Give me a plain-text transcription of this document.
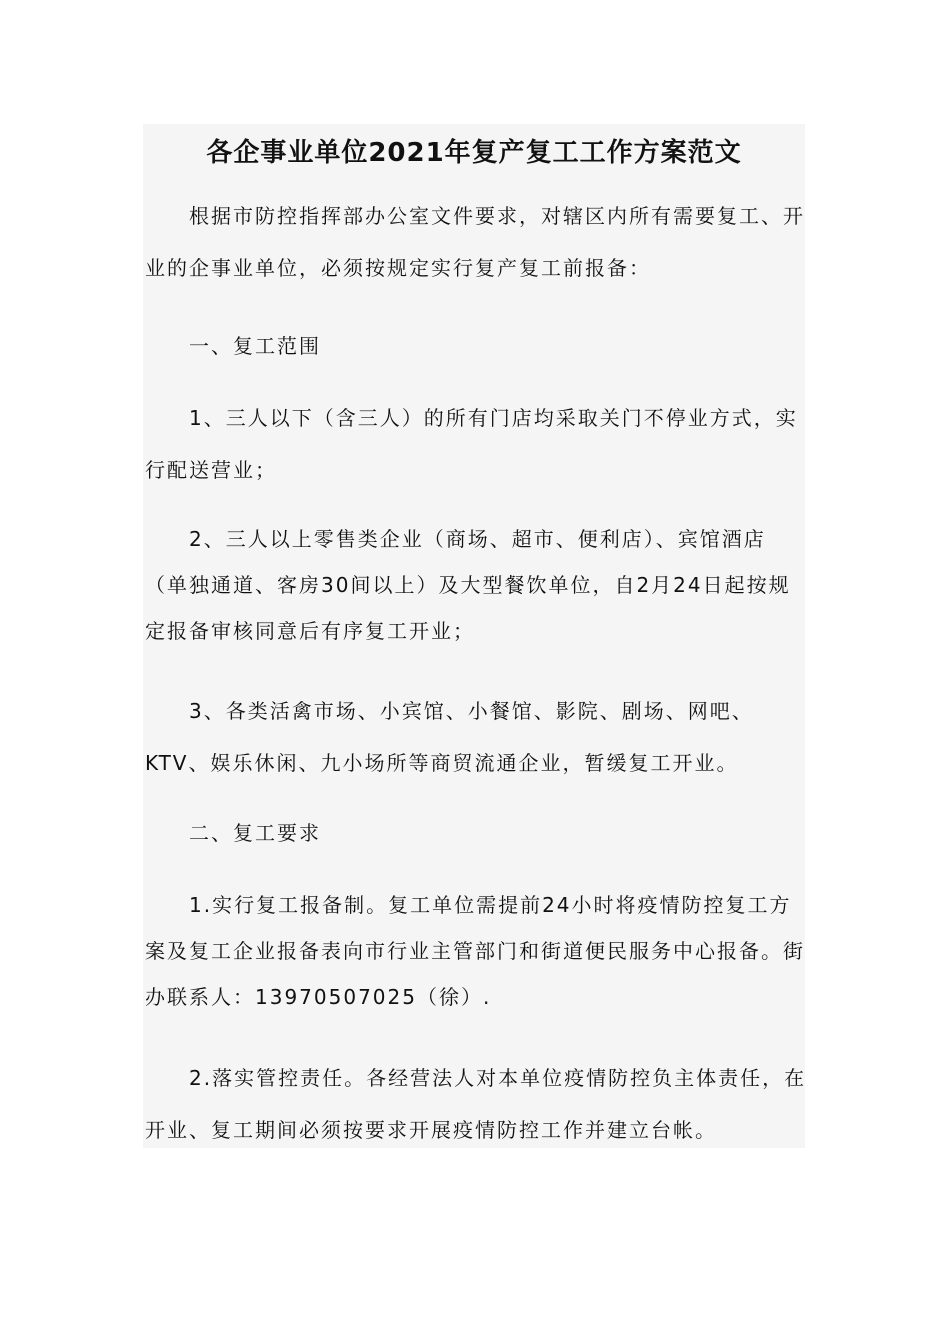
各企事业单位2021年复产复工工作方案范文

根据市防控指挥部办公室文件要求，对辖区内所有需要复工、开业的企事业单位，必须按规定实行复产复工前报备：

一、复工范围

1、三人以下（含三人）的所有门店均采取关门不停业方式，实行配送营业；

2、三人以上零售类企业（商场、超市、便利店）、宾馆酒店（单独通道、客房30间以上）及大型餐饮单位，自2月24日起按规定报备审核同意后有序复工开业；

3、各类活禽市场、小宾馆、小餐馆、影院、剧场、网吧、KTV、娱乐休闲、九小场所等商贸流通企业，暂缓复工开业。

二、复工要求

1.实行复工报备制。复工单位需提前24小时将疫情防控复工方案及复工企业报备表向市行业主管部门和街道便民服务中心报备。街办联系人：13970507025（徐）.

2.落实管控责任。各经营法人对本单位疫情防控负主体责任，在开业、复工期间必须按要求开展疫情防控工作并建立台帐。
